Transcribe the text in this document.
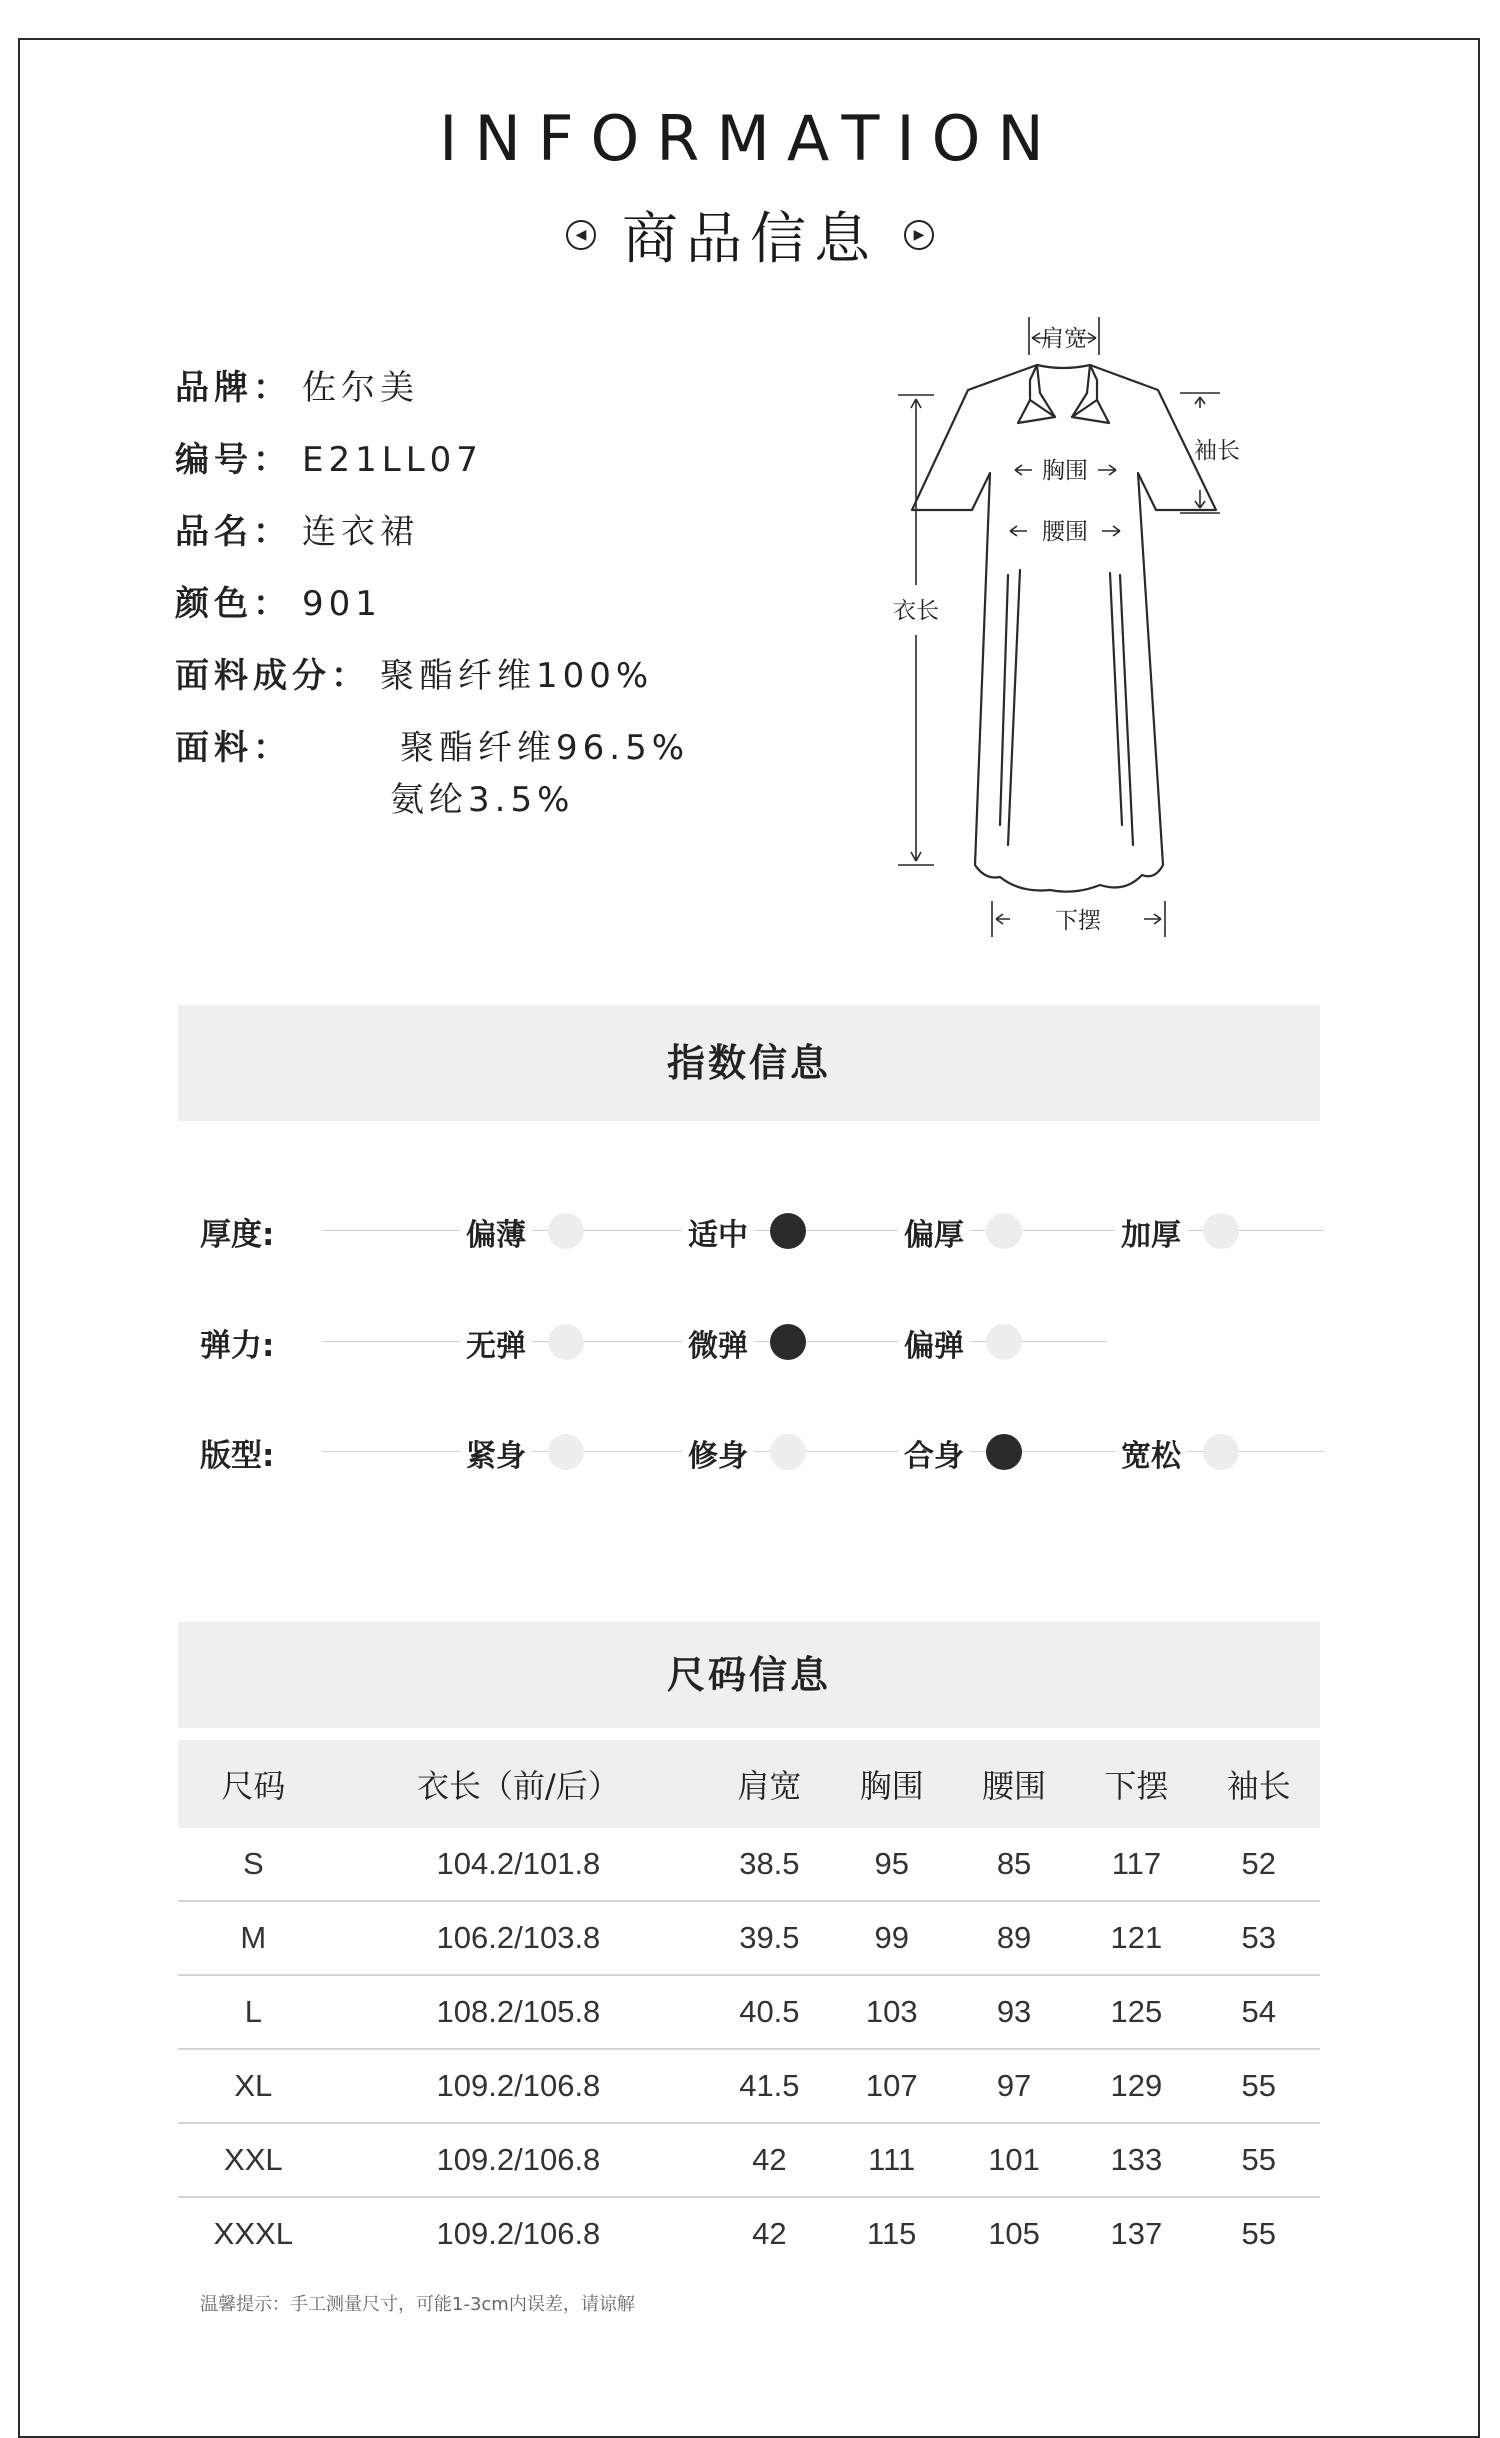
INFORMATION
◀ 商品信息	▶
品牌： 佐尔美
编号： E21LL07
品名： 连衣裙
颜色： 901
面料成分： 聚酯纤维100%
面料：	聚酯纤维96.5%
氨纶3.5%
肩宽
袖长
胸围
腰围
衣长
下摆
指数信息
厚度:	偏薄	适中	偏厚	加厚
弹力:	无弹	微弹	偏弹
版型:	紧身	修身	合身	宽松
尺码信息
尺码	衣长（前/后）	肩宽	胸围	腰围	下摆	袖长
S	104.2/101.8	38.5	95	85	117	52
M	106.2/103.8	39.5	99	89	121	53
L	108.2/105.8	40.5	103	93	125	54
XL	109.2/106.8	41.5	107	97	129	55
XXL	109.2/106.8	42	111	101	133	55
XXXL	109.2/106.8	42	115	105	137	55
温馨提示：手工测量尺寸，可能1-3cm内误差，请谅解
